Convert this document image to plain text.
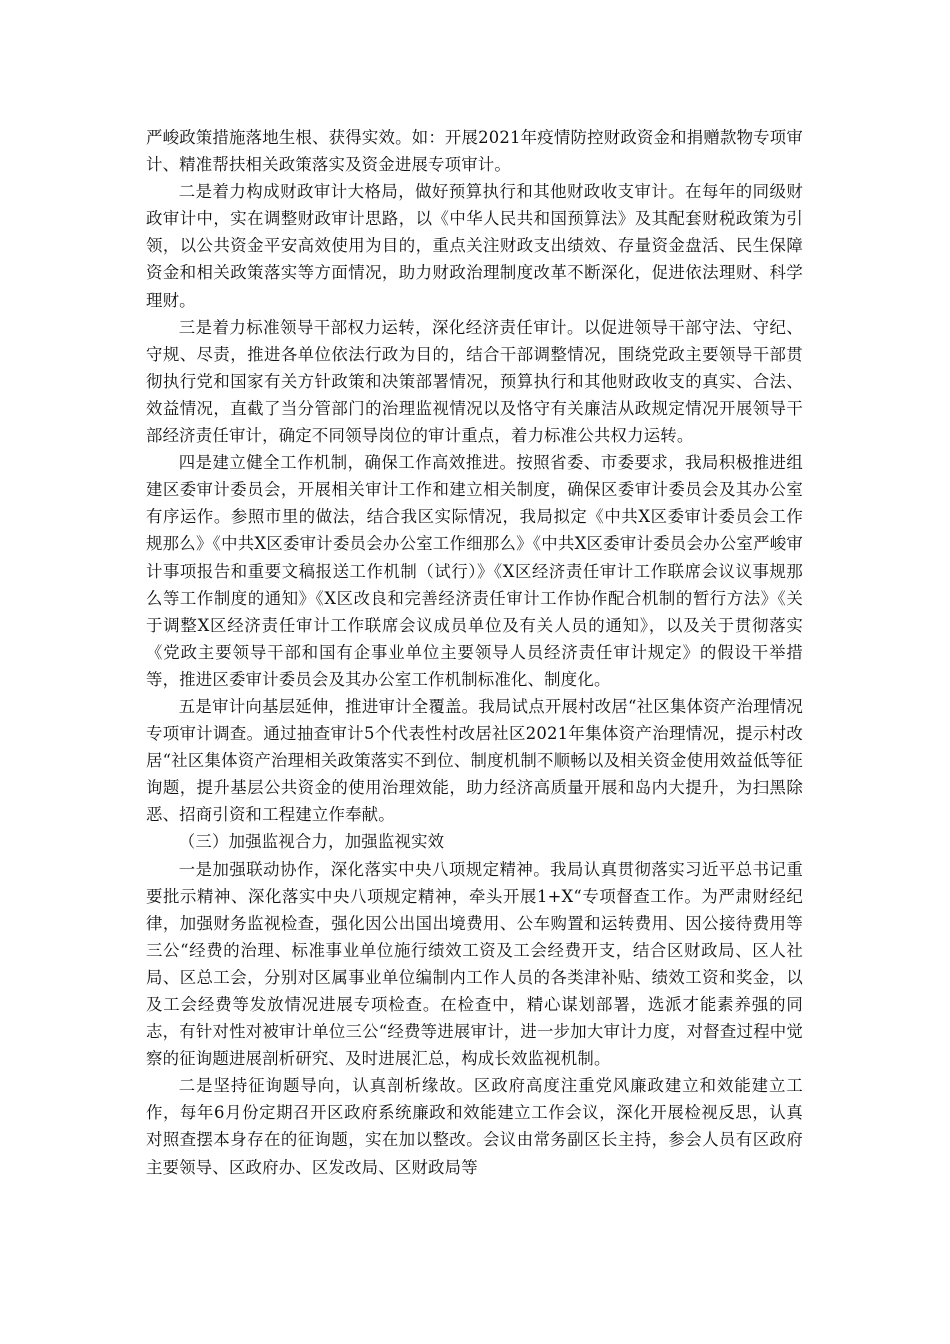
严峻政策措施落地生根、获得实效。如：开展2021年疫情防控财政资金和捐赠款物专项审计、精准帮扶相关政策落实及资金进展专项审计。

二是着力构成财政审计大格局，做好预算执行和其他财政收支审计。在每年的同级财政审计中，实在调整财政审计思路，以《中华人民共和国预算法》及其配套财税政策为引领，以公共资金平安高效使用为目的，重点关注财政支出绩效、存量资金盘活、民生保障资金和相关政策落实等方面情况，助力财政治理制度改革不断深化，促进依法理财、科学理财。

三是着力标准领导干部权力运转，深化经济责任审计。以促进领导干部守法、守纪、守规、尽责，推进各单位依法行政为目的，结合干部调整情况，围绕党政主要领导干部贯彻执行党和国家有关方针政策和决策部署情况，预算执行和其他财政收支的真实、合法、效益情况，直截了当分管部门的治理监视情况以及恪守有关廉洁从政规定情况开展领导干部经济责任审计，确定不同领导岗位的审计重点，着力标准公共权力运转。

四是建立健全工作机制，确保工作高效推进。按照省委、市委要求，我局积极推进组建区委审计委员会，开展相关审计工作和建立相关制度，确保区委审计委员会及其办公室有序运作。参照市里的做法，结合我区实际情况，我局拟定《中共X区委审计委员会工作规那么》《中共X区委审计委员会办公室工作细那么》《中共X区委审计委员会办公室严峻审计事项报告和重要文稿报送工作机制（试行）》《X区经济责任审计工作联席会议议事规那么等工作制度的通知》《X区改良和完善经济责任审计工作协作配合机制的暂行方法》《关于调整X区经济责任审计工作联席会议成员单位及有关人员的通知》，以及关于贯彻落实《党政主要领导干部和国有企事业单位主要领导人员经济责任审计规定》的假设干举措等，推进区委审计委员会及其办公室工作机制标准化、制度化。

五是审计向基层延伸，推进审计全覆盖。我局试点开展村改居“社区集体资产治理情况专项审计调查。通过抽查审计5个代表性村改居社区2021年集体资产治理情况，提示村改居“社区集体资产治理相关政策落实不到位、制度机制不顺畅以及相关资金使用效益低等征询题，提升基层公共资金的使用治理效能，助力经济高质量开展和岛内大提升，为扫黑除恶、招商引资和工程建立作奉献。

（三）加强监视合力，加强监视实效

一是加强联动协作，深化落实中央八项规定精神。我局认真贯彻落实习近平总书记重要批示精神、深化落实中央八项规定精神，牵头开展1+X“专项督查工作。为严肃财经纪律，加强财务监视检查，强化因公出国出境费用、公车购置和运转费用、因公接待费用等三公“经费的治理、标准事业单位施行绩效工资及工会经费开支，结合区财政局、区人社局、区总工会，分别对区属事业单位编制内工作人员的各类津补贴、绩效工资和奖金，以及工会经费等发放情况进展专项检查。在检查中，精心谋划部署，选派才能素养强的同志，有针对性对被审计单位三公“经费等进展审计，进一步加大审计力度，对督查过程中觉察的征询题进展剖析研究、及时进展汇总，构成长效监视机制。

二是坚持征询题导向，认真剖析缘故。区政府高度注重党风廉政建立和效能建立工作，每年6月份定期召开区政府系统廉政和效能建立工作会议，深化开展检视反思，认真对照查摆本身存在的征询题，实在加以整改。会议由常务副区长主持，参会人员有区政府主要领导、区政府办、区发改局、区财政局等
